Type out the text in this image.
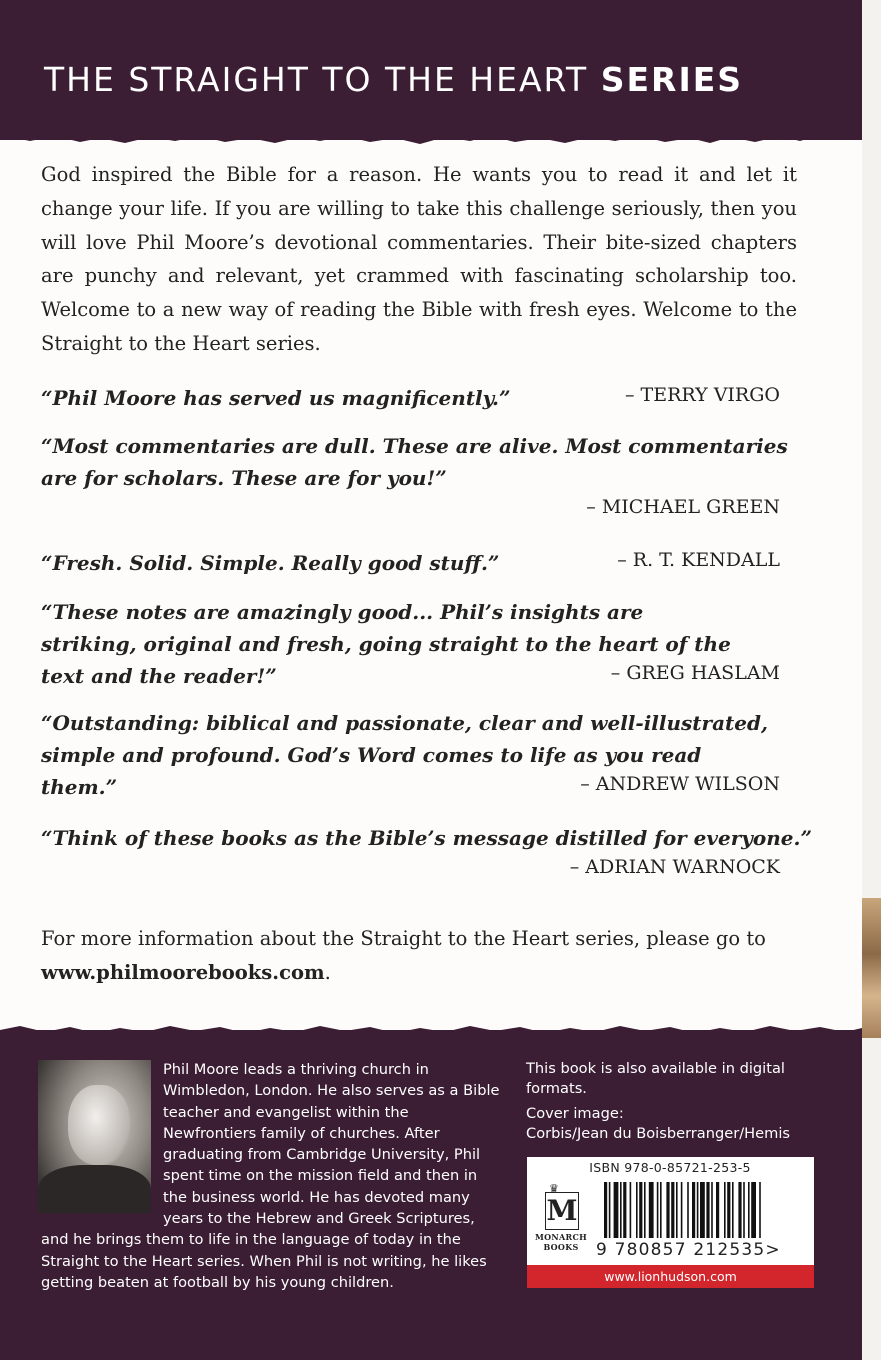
THE STRAIGHT TO THE HEART SERIES

God inspired the Bible for a reason. He wants you to read it and let it change your life. If you are willing to take this challenge seriously, then you will love Phil Moore’s devotional commentaries. Their bite-sized chapters are punchy and relevant, yet crammed with fascinating scholarship too. Welcome to a new way of reading the Bible with fresh eyes. Welcome to the Straight to the Heart series.

“Phil Moore has served us magnificently.”	– TERRY VIRGO

“Most commentaries are dull. These are alive. Most commentaries are for scholars. These are for you!”

– MICHAEL GREEN

“Fresh. Solid. Simple. Really good stuff.”	– R. T. KENDALL

“These notes are amazingly good... Phil’s insights are striking, original and fresh, going straight to the heart of the text and the reader!”	– GREG HASLAM

“Outstanding: biblical and passionate, clear and well-illustrated, simple and profound. God’s Word comes to life as you read them.”	– ANDREW WILSON

“Think of these books as the Bible’s message distilled for everyone.”

– ADRIAN WARNOCK

For more information about the Straight to the Heart series, please go to www.philmoorebooks.com.

Phil Moore leads a thriving church in Wimbledon, London. He also serves as a Bible teacher and evangelist within the Newfrontiers family of churches. After graduating from Cambridge University, Phil spent time on the mission field and then in the business world. He has devoted many years to the Hebrew and Greek Scriptures, and he brings them to life in the language of today in the Straight to the Heart series. When Phil is not writing, he likes getting beaten at football by his young children.

This book is also available in digital formats.

Cover image:
Corbis/Jean du Boisberranger/Hemis

ISBN 978-0-85721-253-5
♛
M
MONARCH BOOKS	9 780857 212535>
www.lionhudson.com
